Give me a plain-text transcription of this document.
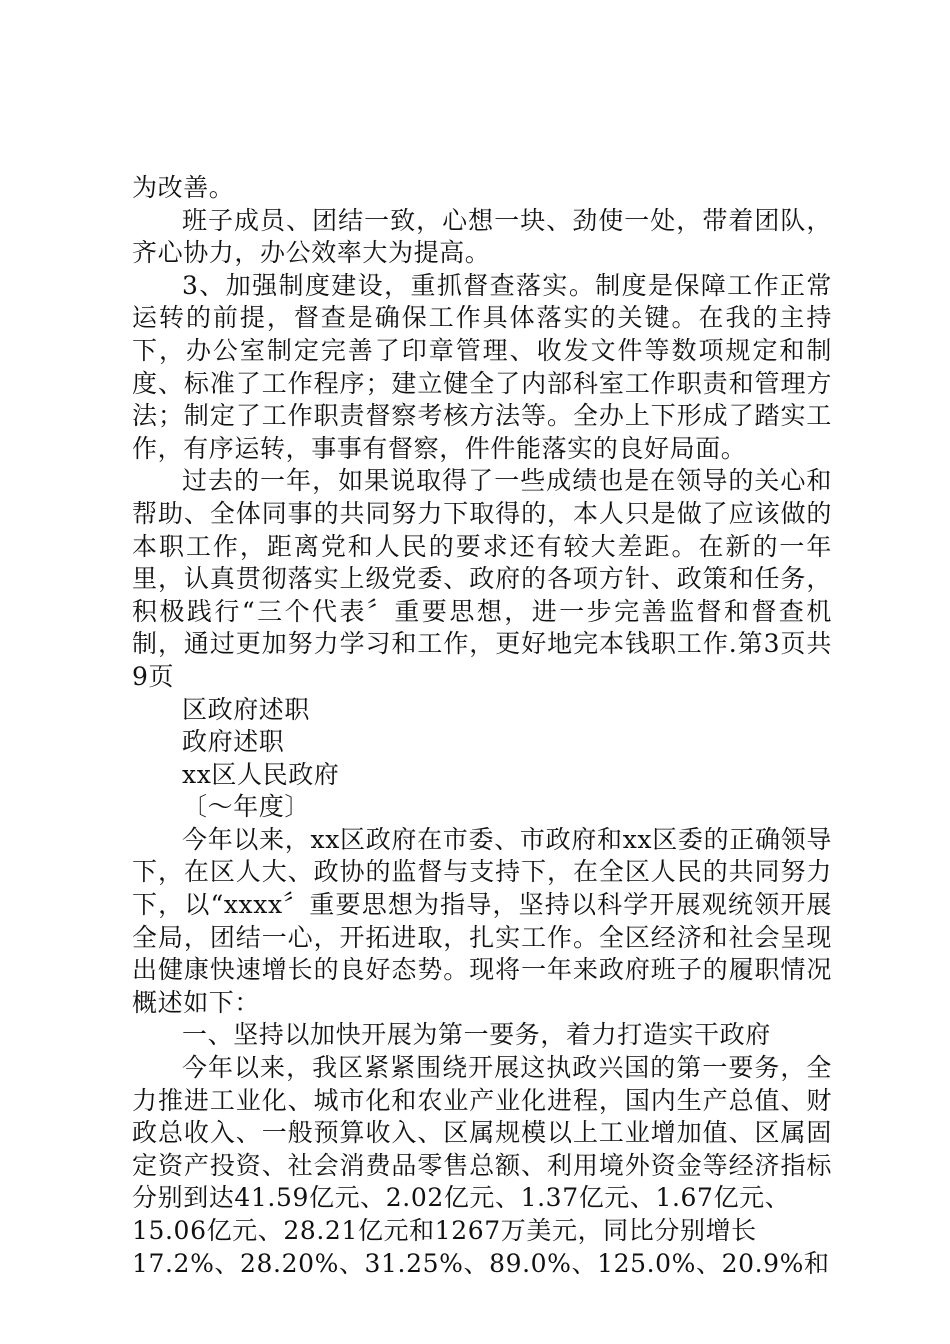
为改善。

班子成员、团结一致，心想一块、劲使一处，带着团队，齐心协力，办公效率大为提高。

3、加强制度建设，重抓督查落实。制度是保障工作正常运转的前提，督查是确保工作具体落实的关键。在我的主持下，办公室制定完善了印章管理、收发文件等数项规定和制度、标准了工作程序；建立健全了内部科室工作职责和管理方法；制定了工作职责督察考核方法等。全办上下形成了踏实工作，有序运转，事事有督察，件件能落实的良好局面。

过去的一年，如果说取得了一些成绩也是在领导的关心和帮助、全体同事的共同努力下取得的，本人只是做了应该做的本职工作，距离党和人民的要求还有较大差距。在新的一年里，认真贯彻落实上级党委、政府的各项方针、政策和任务，积极践行“三个代表〞重要思想，进一步完善监督和督查机制，通过更加努力学习和工作，更好地完本钱职工作.第3页共9页

区政府述职

政府述职

xx区人民政府

〔～年度〕

今年以来，xx区政府在市委、市政府和xx区委的正确领导下，在区人大、政协的监督与支持下，在全区人民的共同努力下，以“xxxx〞重要思想为指导，坚持以科学开展观统领开展全局，团结一心，开拓进取，扎实工作。全区经济和社会呈现出健康快速增长的良好态势。现将一年来政府班子的履职情况概述如下：

一、坚持以加快开展为第一要务，着力打造实干政府

今年以来，我区紧紧围绕开展这执政兴国的第一要务，全力推进工业化、城市化和农业产业化进程，国内生产总值、财政总收入、一般预算收入、区属规模以上工业增加值、区属固定资产投资、社会消费品零售总额、利用境外资金等经济指标分别到达41.59亿元、2.02亿元、1.37亿元、1.67亿元、

15.06亿元、28.21亿元和1267万美元，同比分别增长

17.2%、28.20%、31.25%、89.0%、125.0%、20.9%和
